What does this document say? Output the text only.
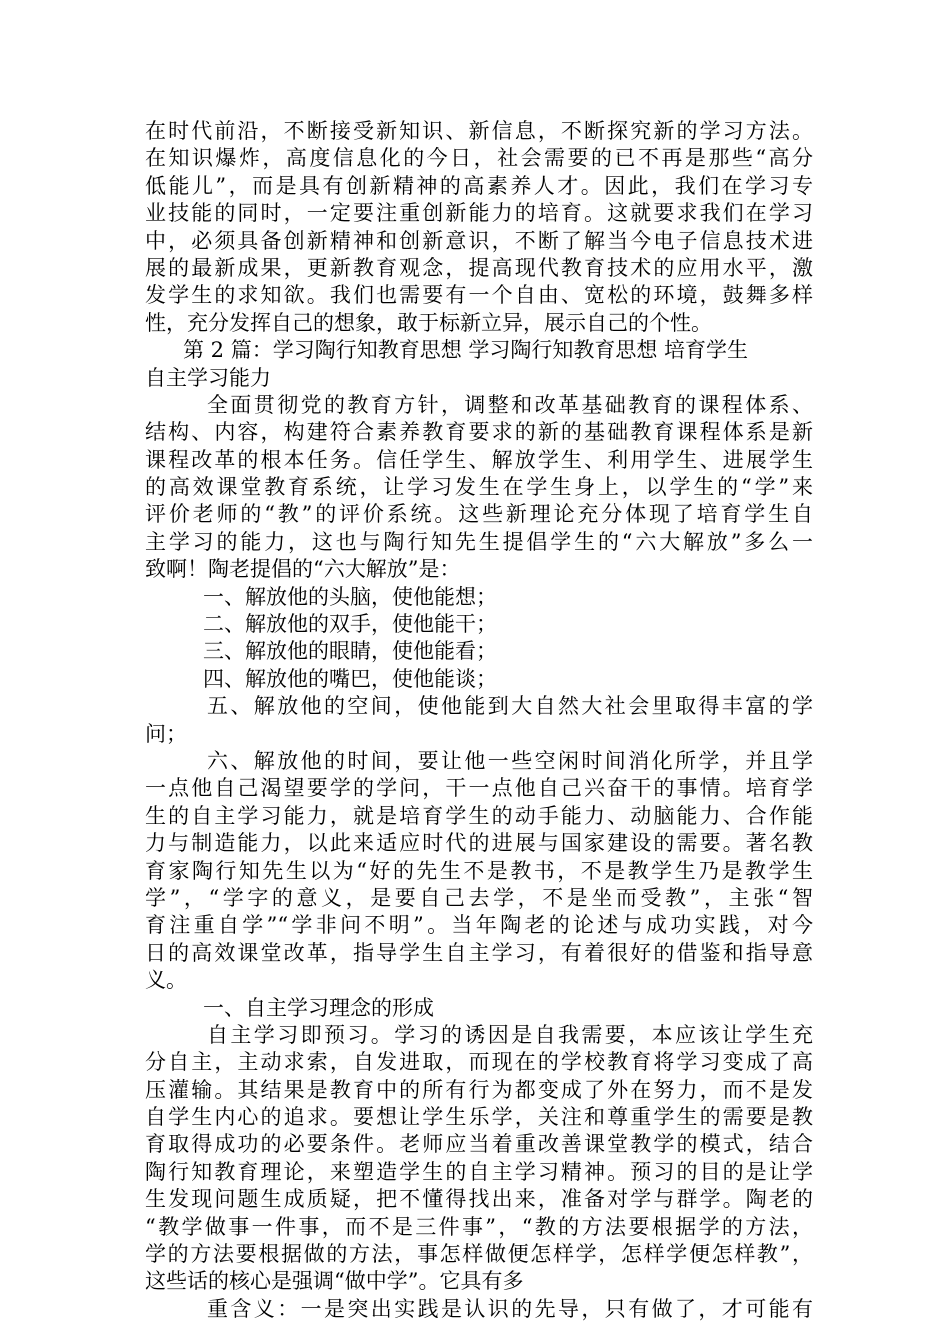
在时代前沿，不断接受新知识、新信息，不断探究新的学习方法。
在知识爆炸，高度信息化的今日，社会需要的已不再是那些“高分
低能儿”，而是具有创新精神的高素养人才。因此，我们在学习专
业技能的同时，一定要注重创新能力的培育。这就要求我们在学习
中，必须具备创新精神和创新意识，不断了解当今电子信息技术进
展的最新成果，更新教育观念，提高现代教育技术的应用水平，激
发学生的求知欲。我们也需要有一个自由、宽松的环境，鼓舞多样
性，充分发挥自己的想象，敢于标新立异，展示自己的个性。
第 2 篇：学习陶行知教育思想 学习陶行知教育思想 培育学生
自主学习能力
全面贯彻党的教育方针，调整和改革基础教育的课程体系、
结构、内容，构建符合素养教育要求的新的基础教育课程体系是新
课程改革的根本任务。信任学生、解放学生、利用学生、进展学生
的高效课堂教育系统，让学习发生在学生身上，以学生的“学”来
评价老师的“教”的评价系统。这些新理论充分体现了培育学生自
主学习的能力，这也与陶行知先生提倡学生的“六大解放”多么一
致啊！陶老提倡的“六大解放”是：
一、解放他的头脑，使他能想；
二、解放他的双手，使他能干；
三、解放他的眼睛，使他能看；
四、解放他的嘴巴，使他能谈；
五、解放他的空间，使他能到大自然大社会里取得丰富的学
问；
六、解放他的时间，要让他一些空闲时间消化所学，并且学
一点他自己渴望要学的学问，干一点他自己兴奋干的事情。培育学
生的自主学习能力，就是培育学生的动手能力、动脑能力、合作能
力与制造能力，以此来适应时代的进展与国家建设的需要。著名教
育家陶行知先生以为“好的先生不是教书，不是教学生乃是教学生
学”，“学字的意义，是要自己去学，不是坐而受教”，主张“智
育注重自学”“学非问不明”。当年陶老的论述与成功实践，对今
日的高效课堂改革，指导学生自主学习，有着很好的借鉴和指导意
义。
一、自主学习理念的形成
自主学习即预习。学习的诱因是自我需要，本应该让学生充
分自主，主动求索，自发进取，而现在的学校教育将学习变成了高
压灌输。其结果是教育中的所有行为都变成了外在努力，而不是发
自学生内心的追求。要想让学生乐学，关注和尊重学生的需要是教
育取得成功的必要条件。老师应当着重改善课堂教学的模式，结合
陶行知教育理论，来塑造学生的自主学习精神。预习的目的是让学
生发现问题生成质疑，把不懂得找出来，准备对学与群学。陶老的
“教学做事一件事，而不是三件事”，“教的方法要根据学的方法，
学的方法要根据做的方法，事怎样做便怎样学，怎样学便怎样教”，
这些话的核心是强调“做中学”。它具有多
重含义：一是突出实践是认识的先导，只有做了，才可能有
